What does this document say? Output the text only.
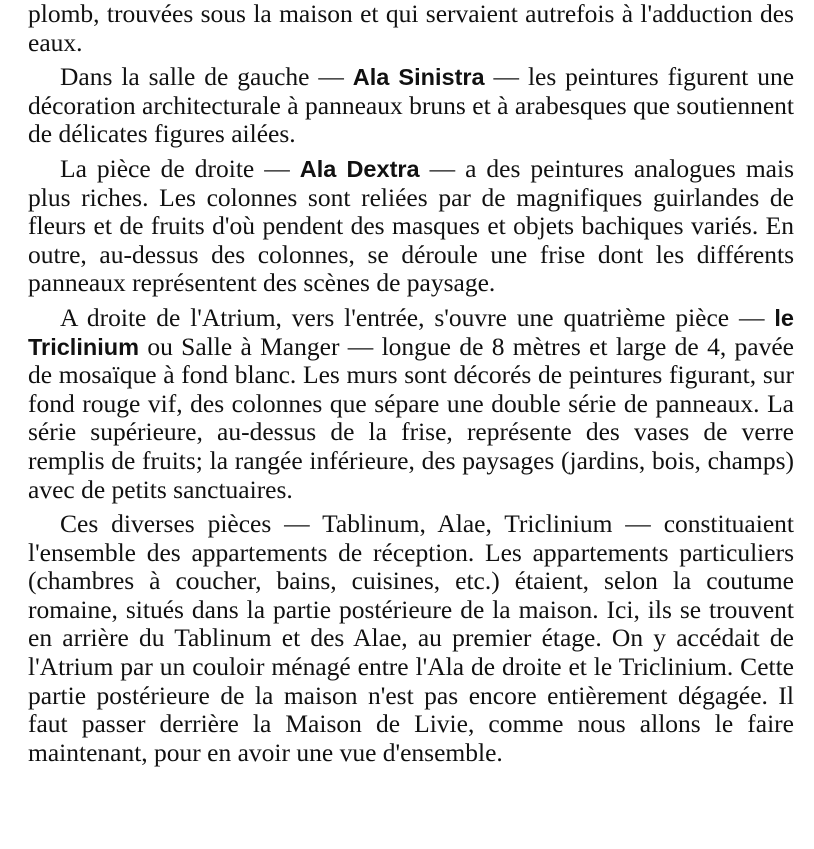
plomb, trouvées sous la maison et qui servaient autrefois à l'adduction des eaux.

Dans la salle de gauche — Ala Sinistra — les peintures figurent une décoration architecturale à panneaux bruns et à arabesques que soutiennent de délicates figures ailées.

La pièce de droite — Ala Dextra — a des peintures analogues mais plus riches. Les colonnes sont reliées par de magnifiques guirlandes de fleurs et de fruits d'où pendent des masques et objets bachiques variés. En outre, au-dessus des colonnes, se déroule une frise dont les différents panneaux représentent des scènes de paysage.

A droite de l'Atrium, vers l'entrée, s'ouvre une quatrième pièce — le Triclinium ou Salle à Manger — longue de 8 mètres et large de 4, pavée de mosaïque à fond blanc. Les murs sont décorés de peintures figurant, sur fond rouge vif, des colonnes que sépare une double série de panneaux. La série supérieure, au-dessus de la frise, représente des vases de verre remplis de fruits; la rangée inférieure, des paysages (jardins, bois, champs) avec de petits sanctuaires.

Ces diverses pièces — Tablinum, Alae, Triclinium — constituaient l'ensemble des appartements de réception. Les appartements particuliers (chambres à coucher, bains, cuisines, etc.) étaient, selon la coutume romaine, situés dans la partie postérieure de la maison. Ici, ils se trouvent en arrière du Tablinum et des Alae, au premier étage. On y accédait de l'Atrium par un couloir ménagé entre l'Ala de droite et le Triclinium. Cette partie postérieure de la maison n'est pas encore entièrement dégagée. Il faut passer derrière la Maison de Livie, comme nous allons le faire maintenant, pour en avoir une vue d'ensemble.
